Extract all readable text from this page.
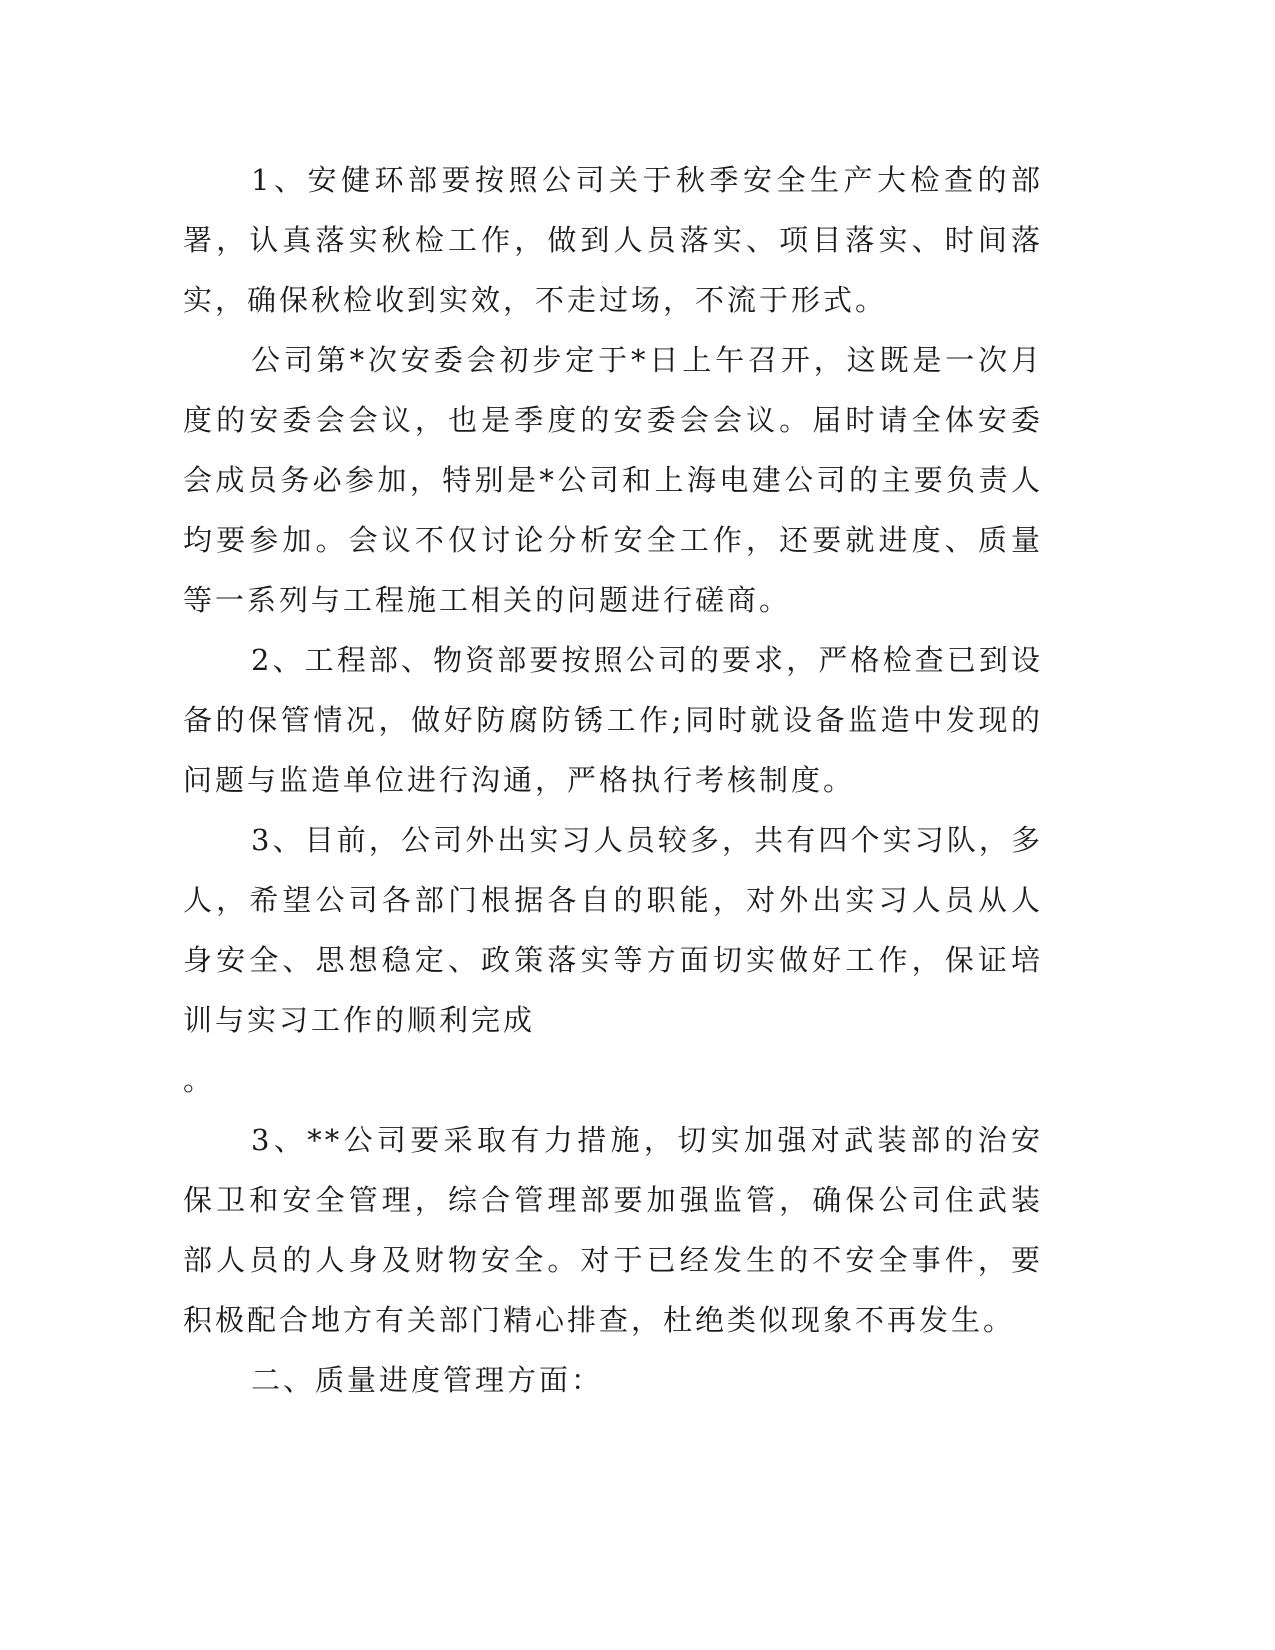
1、安健环部要按照公司关于秋季安全生产大检查的部署，认真落实秋检工作，做到人员落实、项目落实、时间落实，确保秋检收到实效，不走过场，不流于形式。

公司第*次安委会初步定于*日上午召开，这既是一次月度的安委会会议，也是季度的安委会会议。届时请全体安委会成员务必参加，特别是*公司和上海电建公司的主要负责人均要参加。会议不仅讨论分析安全工作，还要就进度、质量等一系列与工程施工相关的问题进行磋商。

2、工程部、物资部要按照公司的要求，严格检查已到设备的保管情况，做好防腐防锈工作;同时就设备监造中发现的问题与监造单位进行沟通，严格执行考核制度。

3、目前，公司外出实习人员较多，共有四个实习队，多人，希望公司各部门根据各自的职能，对外出实习人员从人身安全、思想稳定、政策落实等方面切实做好工作，保证培训与实习工作的顺利完成
。

3、**公司要采取有力措施，切实加强对武装部的治安保卫和安全管理，综合管理部要加强监管，确保公司住武装部人员的人身及财物安全。对于已经发生的不安全事件，要积极配合地方有关部门精心排查，杜绝类似现象不再发生。

二、质量进度管理方面：
